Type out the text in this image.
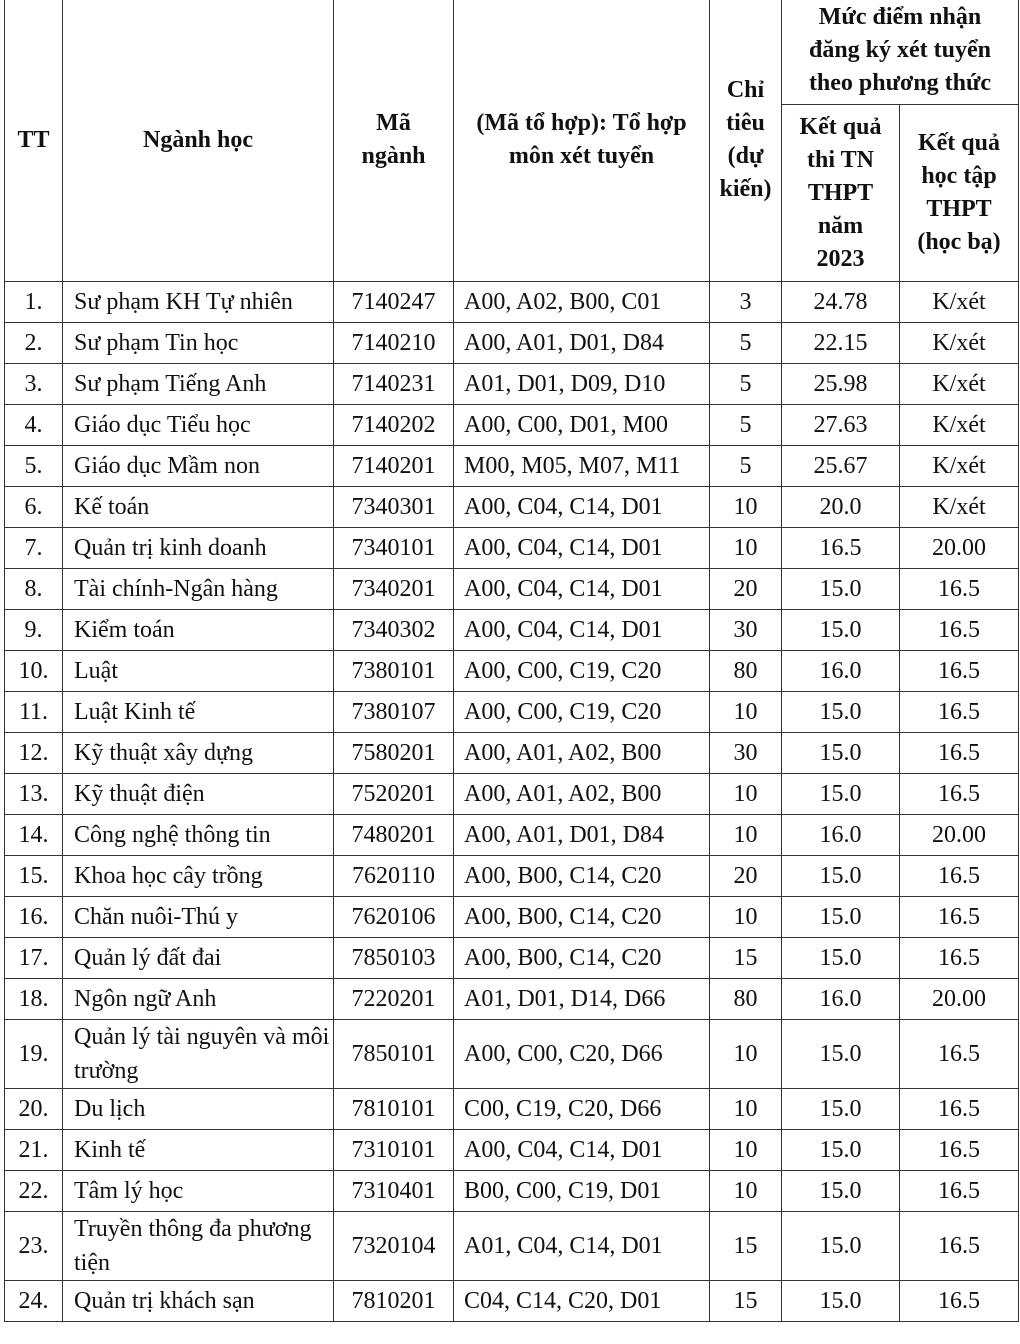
TT	Ngành học	Mã ngành	(Mã tổ hợp): Tổ hợp môn xét tuyển	Chỉ tiêu (dự kiến)	Mức điểm nhận đăng ký xét tuyển theo phương thức	
					Kết quả thi TN THPT năm 2023	Kết quả học tập THPT (học bạ)
1.	Sư phạm KH Tự nhiên	7140247	A00, A02, B00, C01	3	24.78	K/xét
2.	Sư phạm Tin học	7140210	A00, A01, D01, D84	5	22.15	K/xét
3.	Sư phạm Tiếng Anh	7140231	A01, D01, D09, D10	5	25.98	K/xét
4.	Giáo dục Tiểu học	7140202	A00, C00, D01, M00	5	27.63	K/xét
5.	Giáo dục Mầm non	7140201	M00, M05, M07, M11	5	25.67	K/xét
6.	Kế toán	7340301	A00, C04, C14, D01	10	20.0	K/xét
7.	Quản trị kinh doanh	7340101	A00, C04, C14, D01	10	16.5	20.00
8.	Tài chính-Ngân hàng	7340201	A00, C04, C14, D01	20	15.0	16.5
9.	Kiểm toán	7340302	A00, C04, C14, D01	30	15.0	16.5
10.	Luật	7380101	A00, C00, C19, C20	80	16.0	16.5
11.	Luật Kinh tế	7380107	A00, C00, C19, C20	10	15.0	16.5
12.	Kỹ thuật xây dựng	7580201	A00, A01, A02, B00	30	15.0	16.5
13.	Kỹ thuật điện	7520201	A00, A01, A02, B00	10	15.0	16.5
14.	Công nghệ thông tin	7480201	A00, A01, D01, D84	10	16.0	20.00
15.	Khoa học cây trồng	7620110	A00, B00, C14, C20	20	15.0	16.5
16.	Chăn nuôi-Thú y	7620106	A00, B00, C14, C20	10	15.0	16.5
17.	Quản lý đất đai	7850103	A00, B00, C14, C20	15	15.0	16.5
18.	Ngôn ngữ Anh	7220201	A01, D01, D14, D66	80	16.0	20.00
19.	Quản lý tài nguyên và môi trường	7850101	A00, C00, C20, D66	10	15.0	16.5
20.	Du lịch	7810101	C00, C19, C20, D66	10	15.0	16.5
21.	Kinh tế	7310101	A00, C04, C14, D01	10	15.0	16.5
22.	Tâm lý học	7310401	B00, C00, C19, D01	10	15.0	16.5
23.	Truyền thông đa phương tiện	7320104	A01, C04, C14, D01	15	15.0	16.5
24.	Quản trị khách sạn	7810201	C04, C14, C20, D01	15	15.0	16.5
